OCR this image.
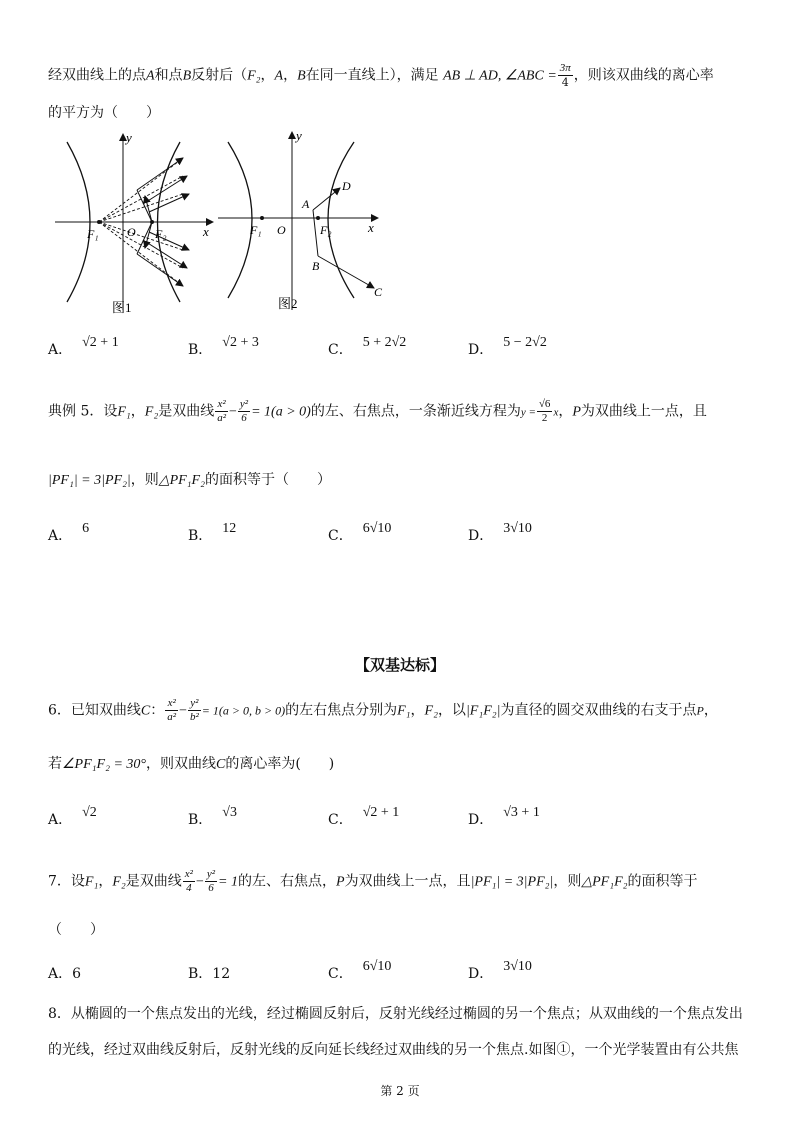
经双曲线上的点A和点B反射后（F₂，A，B在同一直线上），满足 AB ⊥ AD, ∠ABC = $\frac{3\pi}{4}$ ，则该双曲线的离心率
的平方为（　　）
y
x
F₁ O F₂
图1
y
x
F₁ O	F₂
A
B
C
D
图2
A． √2 + 1	B． √2 + 3	C． 5 + 2√2	D． 5 − 2√2
典例 5．设F₁，F₂是双曲线 $\frac{\text{x²}}{\text{a²}} - \frac{\text{y²}}{6} = 1(a > 0)$的左、右焦点，一条渐近线方程为$y = \frac{√6}{2}$ x，P为双曲线上一点，且
|PF₁| = 3|PF₂|，则△PF₁F₂的面积等于（　　）
A． 6	B． 12	C． 6√10	D． 3√10
【双基达标】
6．已知双曲线C： $\frac{\text{x²}}{\text{a²}} - \frac{\text{y²}}{\text{b²}} = 1(a > 0$, b > 0)的左右焦点分别为F₁，F₂，以|F₁F₂|为直径的圆交双曲线的右支于点P，
若∠PF₁F₂ = 30°，则双曲线C的离心率为(　　)
A． √2	B． √3	C． √2 + 1	D． √3 + 1
7．设F₁，F₂是双曲线 $\frac{\text{x²}}{4} - \frac{\text{y²}}{6} = 1$的左、右焦点，P为双曲线上一点，且|PF₁| = 3|PF₂|，则△PF₁F₂的面积等于
（　　）
A．6	B．12	C． 6√10	D． 3√10
8．从椭圆的一个焦点发出的光线，经过椭圆反射后，反射光线经过椭圆的另一个焦点；从双曲线的一个焦点发出
的光线，经过双曲线反射后，反射光线的反向延长线经过双曲线的另一个焦点.如图①，一个光学装置由有公共焦
第 2 页
